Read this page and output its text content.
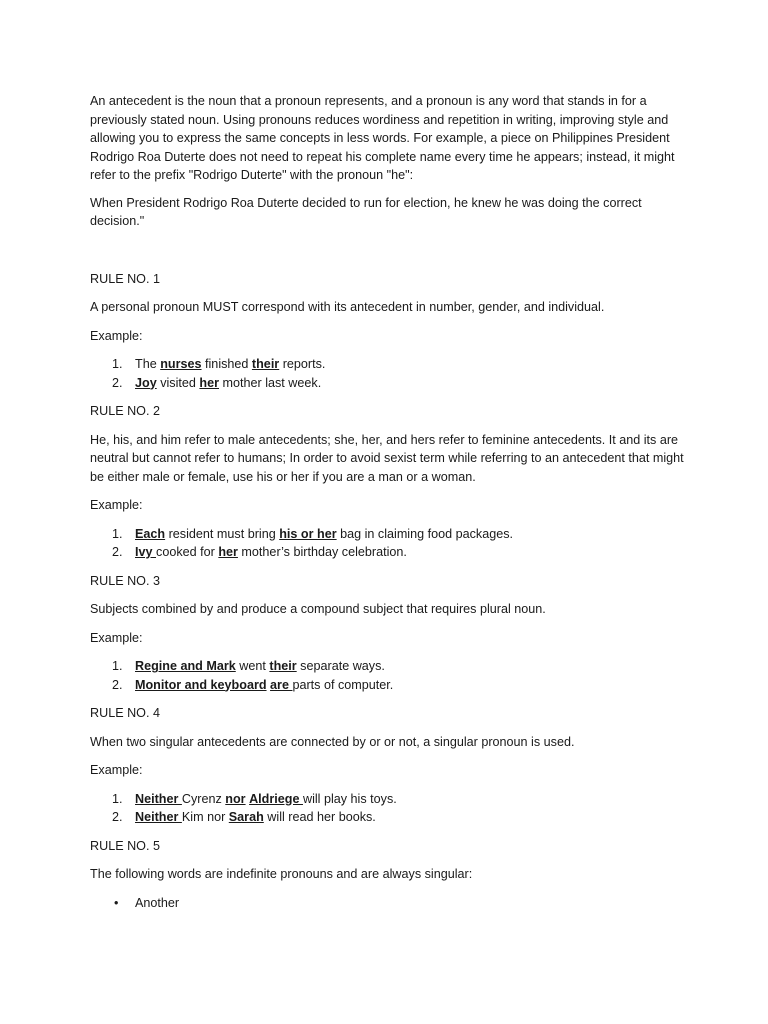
An antecedent is the noun that a pronoun represents, and a pronoun is any word that stands in for a previously stated noun. Using pronouns reduces wordiness and repetition in writing, improving style and allowing you to express the same concepts in less words. For example, a piece on Philippines President Rodrigo Roa Duterte does not need to repeat his complete name every time he appears; instead, it might refer to the prefix "Rodrigo Duterte" with the pronoun "he":

When President Rodrigo Roa Duterte decided to run for election, he knew he was doing the correct decision."

RULE NO. 1

A personal pronoun MUST correspond with its antecedent in number, gender, and individual.

Example:

1. The nurses finished their reports.
2. Joy visited her mother last week.

RULE NO. 2

He, his, and him refer to male antecedents; she, her, and hers refer to feminine antecedents. It and its are neutral but cannot refer to humans; In order to avoid sexist term while referring to an antecedent that might be either male or female, use his or her if you are a man or a woman.

Example:

1. Each resident must bring his or her bag in claiming food packages.
2. Ivy cooked for her mother’s birthday celebration.

RULE NO. 3

Subjects combined by and produce a compound subject that requires plural noun.

Example:

1. Regine and Mark went their separate ways.
2. Monitor and keyboard are parts of computer.

RULE NO. 4

When two singular antecedents are connected by or or not, a singular pronoun is used.

Example:

1. Neither Cyrenz nor Aldriege will play his toys.
2. Neither Kim nor Sarah will read her books.

RULE NO. 5

The following words are indefinite pronouns and are always singular:

• Another
